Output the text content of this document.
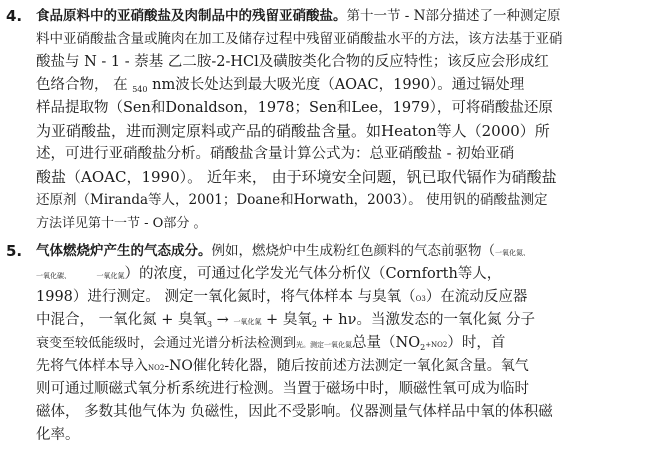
4. 食品原料中的亚硝酸盐及肉制品中的残留亚硝酸盐。第十一节 - N部分描述了一种测定原
料中亚硝酸盐含量或腌肉在加工及储存过程中残留亚硝酸盐水平的方法，该方法基于亚硝
酸盐与 N - 1 - 萘基 乙二胺-2-HCl及磺胺类化合物的反应特性；该反应会形成红
色络合物， 在 $_{540}$ nm波长处达到最大吸光度（AOAC，1990）。通过镉处理
样品提取物（Sen和Donaldson，1978；Sen和Lee，1979），可将硝酸盐还原
为亚硝酸盐，进而测定原料或产品的硝酸盐含量。如Heaton等人（2000）所
述，可进行亚硝酸盐分析。硝酸盐含量计算公式为：总亚硝酸盐 - 初始亚硝
酸盐（AOAC，1990）。 近年来， 由于环境安全问题，钒已取代镉作为硝酸盐
还原剂（Miranda等人，2001；Doane和Horwath，2003）。 使用钒的硝酸盐测定
方法详见第十一节 - O部分 。
5. 气体燃烧炉产生的气态成分。例如，燃烧炉中生成粉红色颜料的气态前驱物（一氧化氮、
一氧化碳、　　	一氧化氮）的浓度，可通过化学发光气体分析仪（Cornforth等人，
1998）进行测定。 测定一氧化氮时，将气体样本 与臭氧（O3）在流动反应器
中混合， 一氧化氮 + 臭氧$_3$ → 一氧化氮 + 臭氧$_2$ + hν。当激发态的一氧化氮 分子
衰变至较低能级时，会通过光谱分析法检测到光。测定一氧化氮总量$(NO_2+NO2)$时，首
先将气体样本导入NO2-NO催化转化器，随后按前述方法测定一氧化氮含量。氧气
则可通过顺磁式氧分析系统进行检测。当置于磁场中时，顺磁性氧可成为临时
磁体， 多数其他气体为 负磁性，因此不受影响。仪器测量气体样品中氧的体积磁
化率。
